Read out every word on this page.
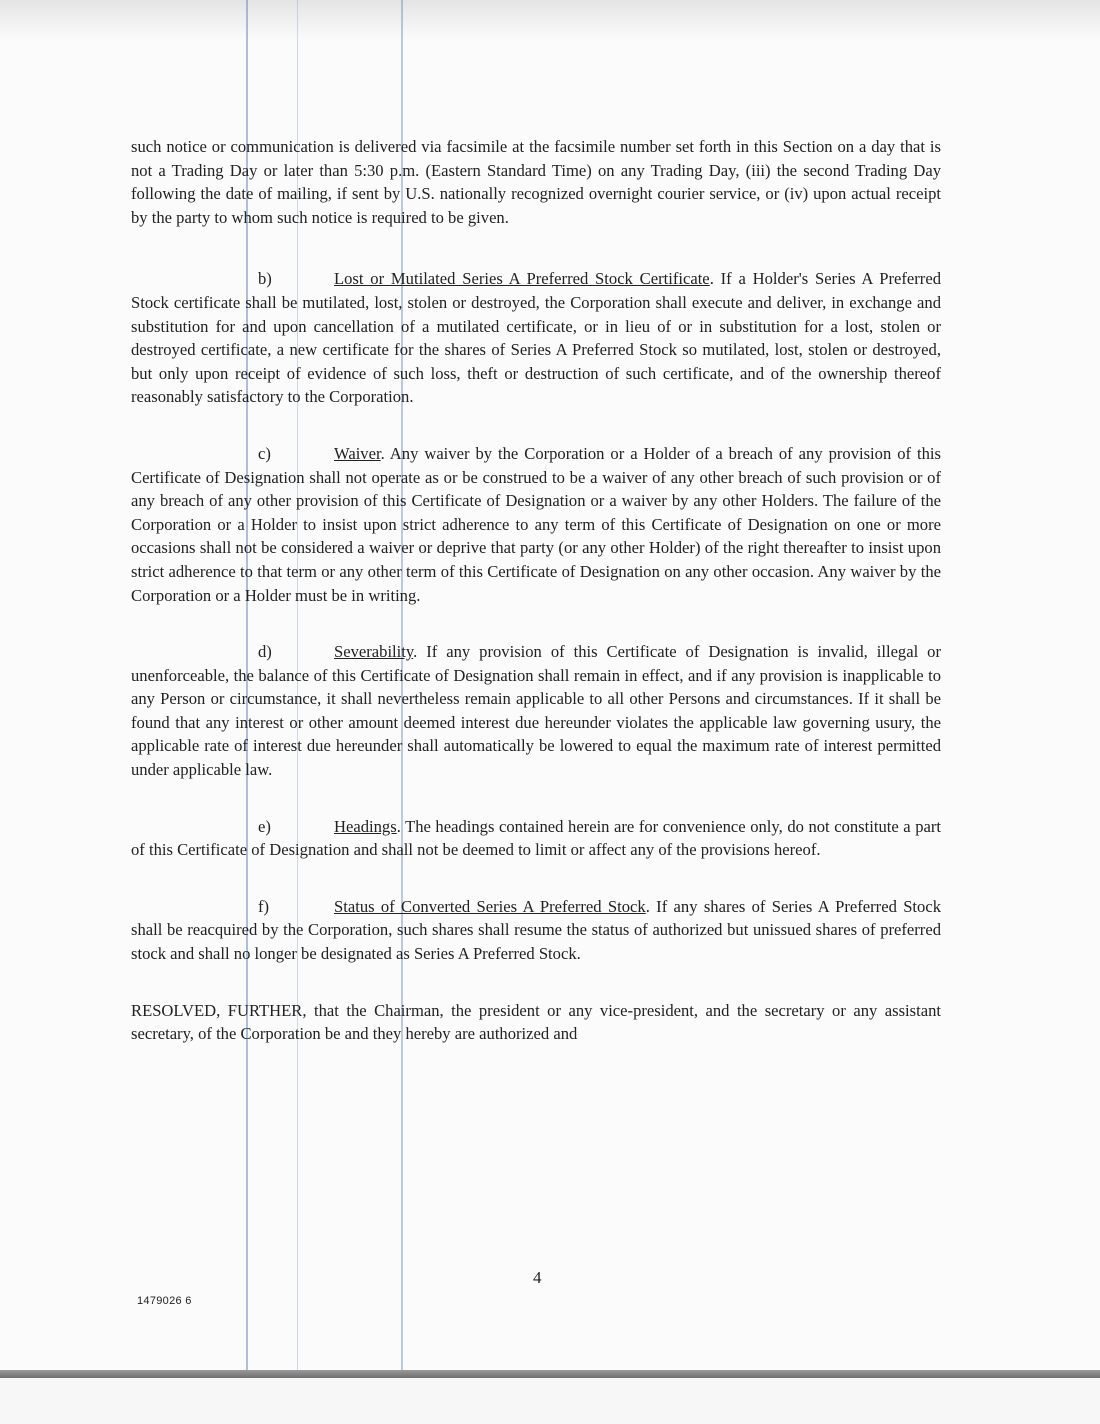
such notice or communication is delivered via facsimile at the facsimile number set forth in this Section on a day that is not a Trading Day or later than 5:30 p.m. (Eastern Standard Time) on any Trading Day, (iii) the second Trading Day following the date of mailing, if sent by U.S. nationally recognized overnight courier service, or (iv) upon actual receipt by the party to whom such notice is required to be given.

b)	Lost or Mutilated Series A Preferred Stock Certificate. If a Holder's Series A Preferred Stock certificate shall be mutilated, lost, stolen or destroyed, the Corporation shall execute and deliver, in exchange and substitution for and upon cancellation of a mutilated certificate, or in lieu of or in substitution for a lost, stolen or destroyed certificate, a new certificate for the shares of Series A Preferred Stock so mutilated, lost, stolen or destroyed, but only upon receipt of evidence of such loss, theft or destruction of such certificate, and of the ownership thereof reasonably satisfactory to the Corporation.

c)	Waiver. Any waiver by the Corporation or a Holder of a breach of any provision of this Certificate of Designation shall not operate as or be construed to be a waiver of any other breach of such provision or of any breach of any other provision of this Certificate of Designation or a waiver by any other Holders. The failure of the Corporation or a Holder to insist upon strict adherence to any term of this Certificate of Designation on one or more occasions shall not be considered a waiver or deprive that party (or any other Holder) of the right thereafter to insist upon strict adherence to that term or any other term of this Certificate of Designation on any other occasion. Any waiver by the Corporation or a Holder must be in writing.

d)	Severability. If any provision of this Certificate of Designation is invalid, illegal or unenforceable, the balance of this Certificate of Designation shall remain in effect, and if any provision is inapplicable to any Person or circumstance, it shall nevertheless remain applicable to all other Persons and circumstances. If it shall be found that any interest or other amount deemed interest due hereunder violates the applicable law governing usury, the applicable rate of interest due hereunder shall automatically be lowered to equal the maximum rate of interest permitted under applicable law.

e)	Headings. The headings contained herein are for convenience only, do not constitute a part of this Certificate of Designation and shall not be deemed to limit or affect any of the provisions hereof.

f)	Status of Converted Series A Preferred Stock. If any shares of Series A Preferred Stock shall be reacquired by the Corporation, such shares shall resume the status of authorized but unissued shares of preferred stock and shall no longer be designated as Series A Preferred Stock.

RESOLVED, FURTHER, that the Chairman, the president or any vice-president, and the secretary or any assistant secretary, of the Corporation be and they hereby are authorized and

4
1479026 6
